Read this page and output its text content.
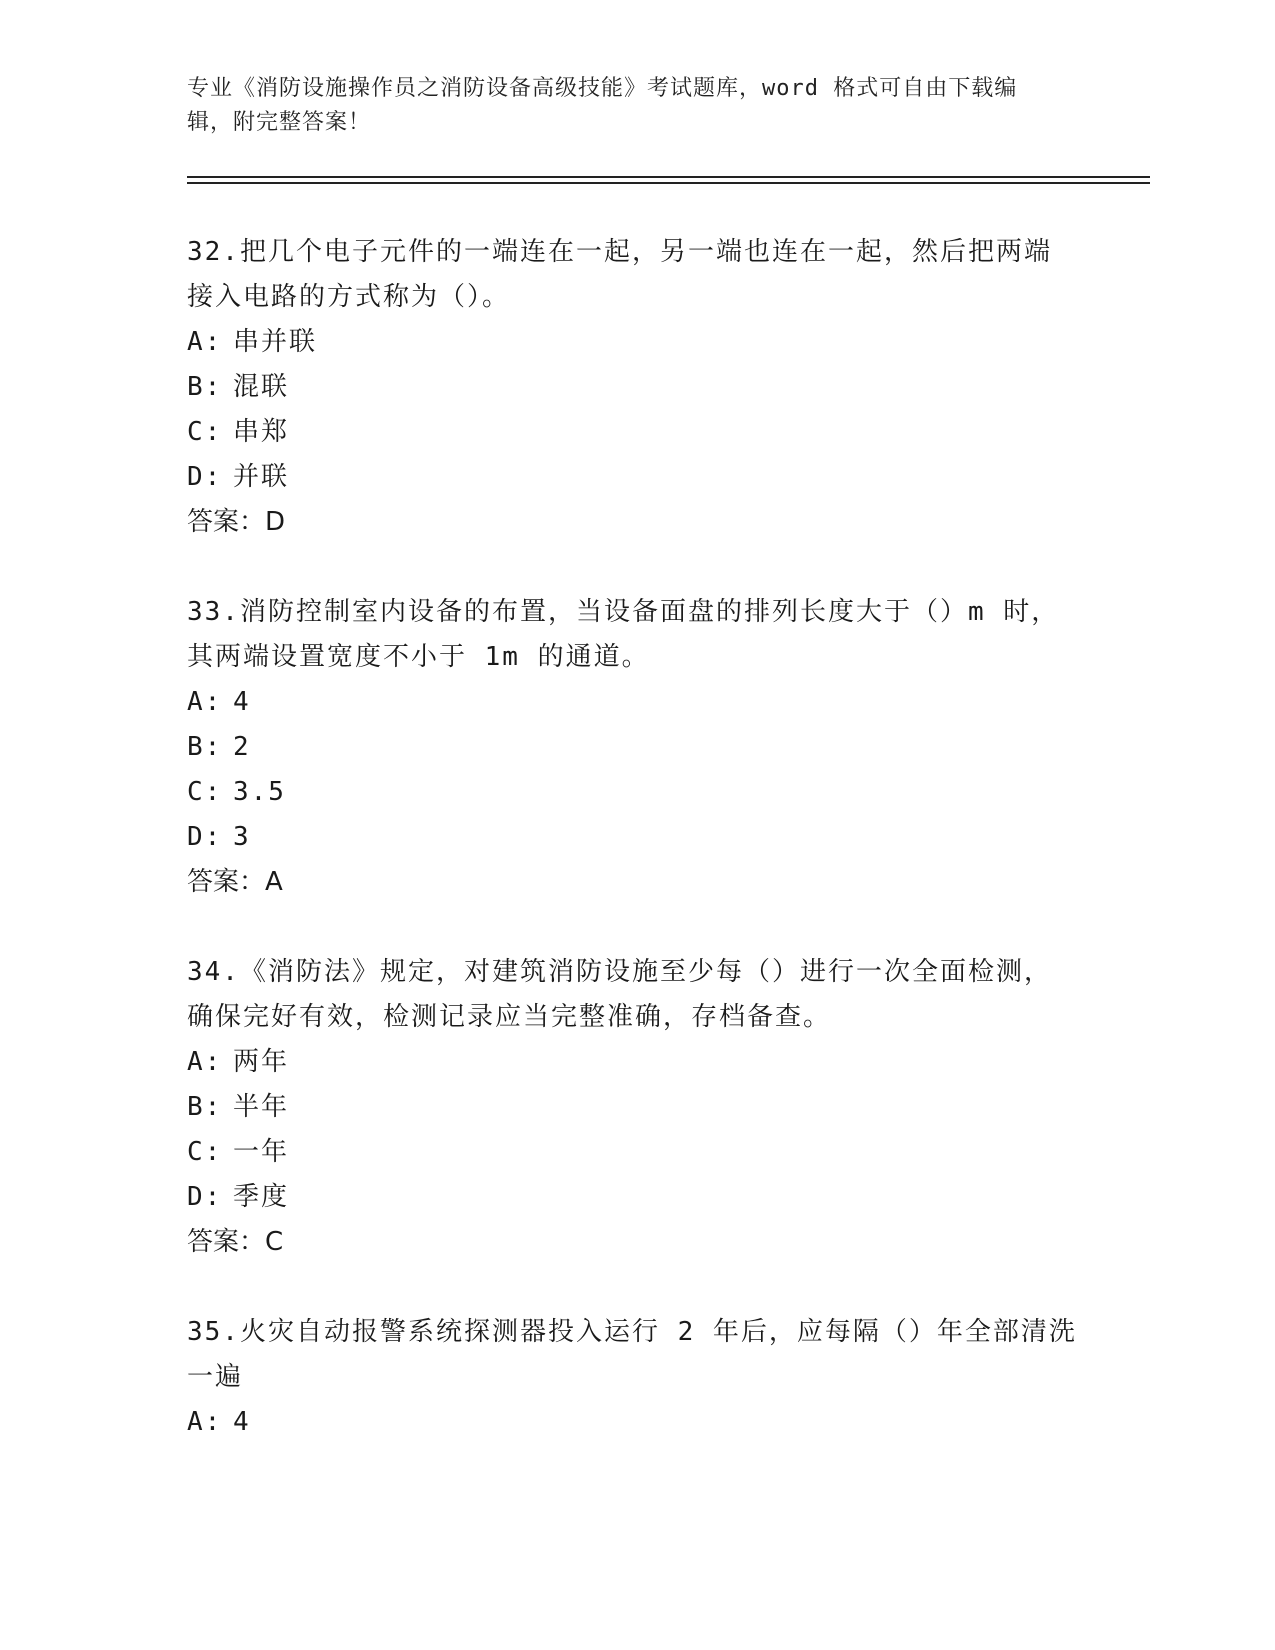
专业《消防设施操作员之消防设备高级技能》考试题库，word 格式可自由下载编
辑，附完整答案！
32.把几个电子元件的一端连在一起，另一端也连在一起，然后把两端
接入电路的方式称为（）。
A: 串并联
B: 混联
C: 串郑
D: 并联
答案：D
33.消防控制室内设备的布置，当设备面盘的排列长度大于（）m 时，
其两端设置宽度不小于 1m 的通道。
A: 4
B: 2
C: 3.5
D: 3
答案：A
34.《消防法》规定，对建筑消防设施至少每（）进行一次全面检测，
确保完好有效，检测记录应当完整准确，存档备查。
A: 两年
B: 半年
C: 一年
D: 季度
答案：C
35.火灾自动报警系统探测器投入运行 2 年后，应每隔（）年全部清洗
一遍
A: 4
